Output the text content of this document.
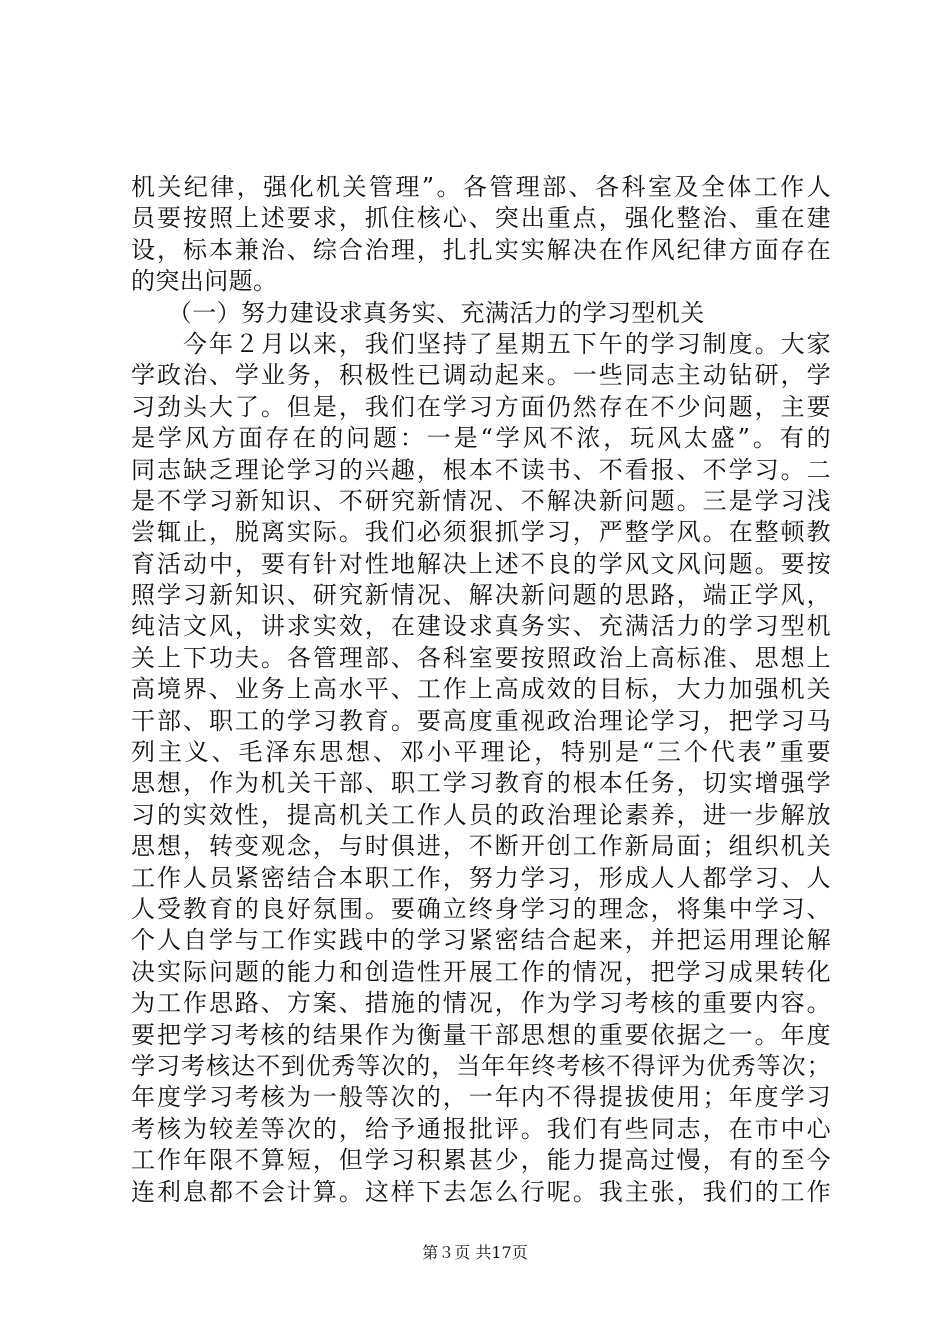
机关纪律，强化机关管理”。各管理部、各科室及全体工作人
员要按照上述要求，抓住核心、突出重点，强化整治、重在建
设，标本兼治、综合治理，扎扎实实解决在作风纪律方面存在
的突出问题。
　　（一）努力建设求真务实、充满活力的学习型机关
　　今年２月以来，我们坚持了星期五下午的学习制度。大家
学政治、学业务，积极性已调动起来。一些同志主动钻研，学
习劲头大了。但是，我们在学习方面仍然存在不少问题，主要
是学风方面存在的问题：一是“学风不浓，玩风太盛”。有的
同志缺乏理论学习的兴趣，根本不读书、不看报、不学习。二
是不学习新知识、不研究新情况、不解决新问题。三是学习浅
尝辄止，脱离实际。我们必须狠抓学习，严整学风。在整顿教
育活动中，要有针对性地解决上述不良的学风文风问题。要按
照学习新知识、研究新情况、解决新问题的思路，端正学风，
纯洁文风，讲求实效，在建设求真务实、充满活力的学习型机
关上下功夫。各管理部、各科室要按照政治上高标准、思想上
高境界、业务上高水平、工作上高成效的目标，大力加强机关
干部、职工的学习教育。要高度重视政治理论学习，把学习马
列主义、毛泽东思想、邓小平理论，特别是“三个代表”重要
思想，作为机关干部、职工学习教育的根本任务，切实增强学
习的实效性，提高机关工作人员的政治理论素养，进一步解放
思想，转变观念，与时俱进，不断开创工作新局面；组织机关
工作人员紧密结合本职工作，努力学习，形成人人都学习、人
人受教育的良好氛围。要确立终身学习的理念，将集中学习、
个人自学与工作实践中的学习紧密结合起来，并把运用理论解
决实际问题的能力和创造性开展工作的情况，把学习成果转化
为工作思路、方案、措施的情况，作为学习考核的重要内容。
要把学习考核的结果作为衡量干部思想的重要依据之一。年度
学习考核达不到优秀等次的，当年年终考核不得评为优秀等次；
年度学习考核为一般等次的，一年内不得提拔使用；年度学习
考核为较差等次的，给予通报批评。我们有些同志，在市中心
工作年限不算短，但学习积累甚少，能力提高过慢，有的至今
连利息都不会计算。这样下去怎么行呢。我主张，我们的工作
第３页 共17页
